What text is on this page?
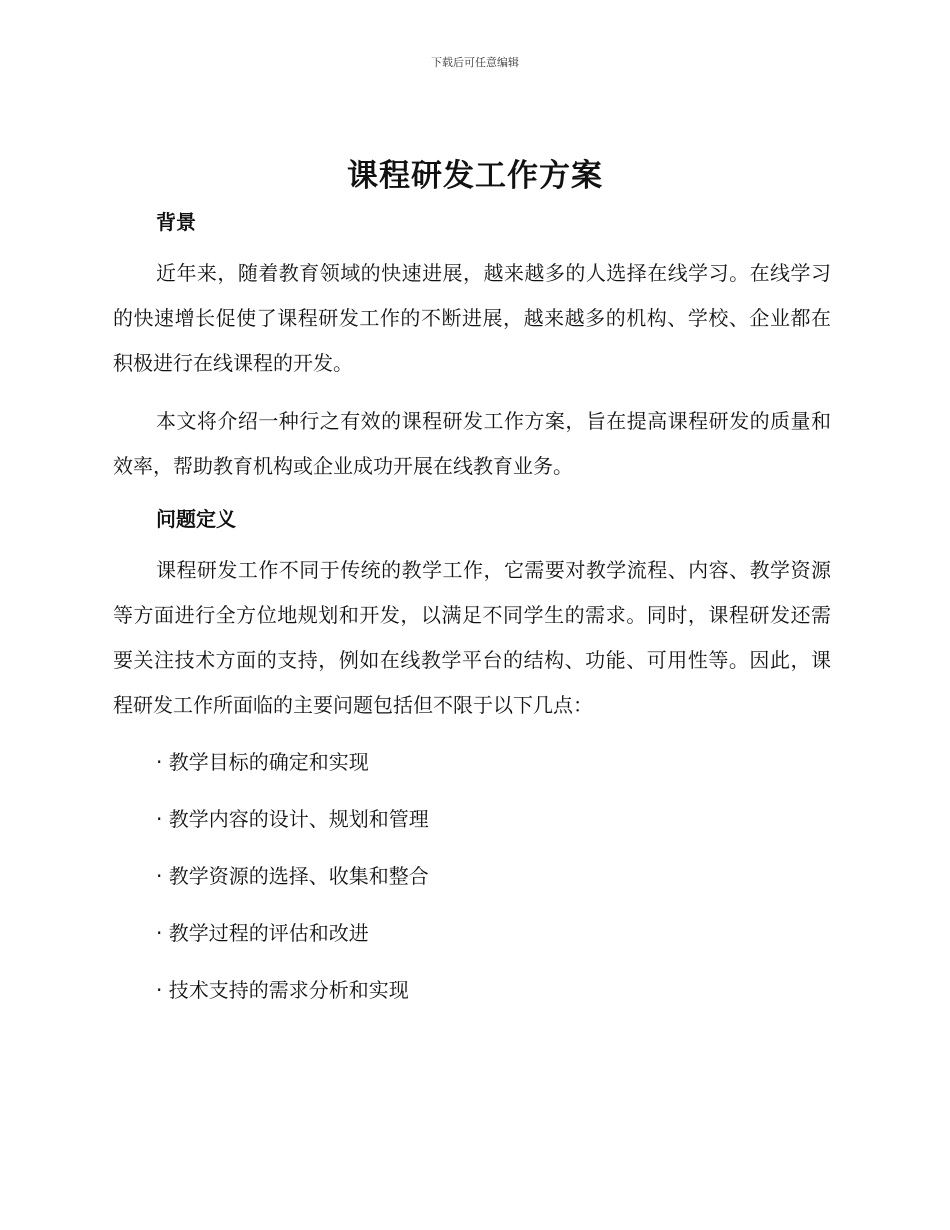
下载后可任意编辑
课程研发工作方案
背景

近年来，随着教育领域的快速进展，越来越多的人选择在线学习。在线学习的快速增长促使了课程研发工作的不断进展，越来越多的机构、学校、企业都在积极进行在线课程的开发。

本文将介绍一种行之有效的课程研发工作方案，旨在提高课程研发的质量和效率，帮助教育机构或企业成功开展在线教育业务。

问题定义

课程研发工作不同于传统的教学工作，它需要对教学流程、内容、教学资源等方面进行全方位地规划和开发，以满足不同学生的需求。同时，课程研发还需要关注技术方面的支持，例如在线教学平台的结构、功能、可用性等。因此，课程研发工作所面临的主要问题包括但不限于以下几点：

· 教学目标的确定和实现
· 教学内容的设计、规划和管理
· 教学资源的选择、收集和整合
· 教学过程的评估和改进
· 技术支持的需求分析和实现
